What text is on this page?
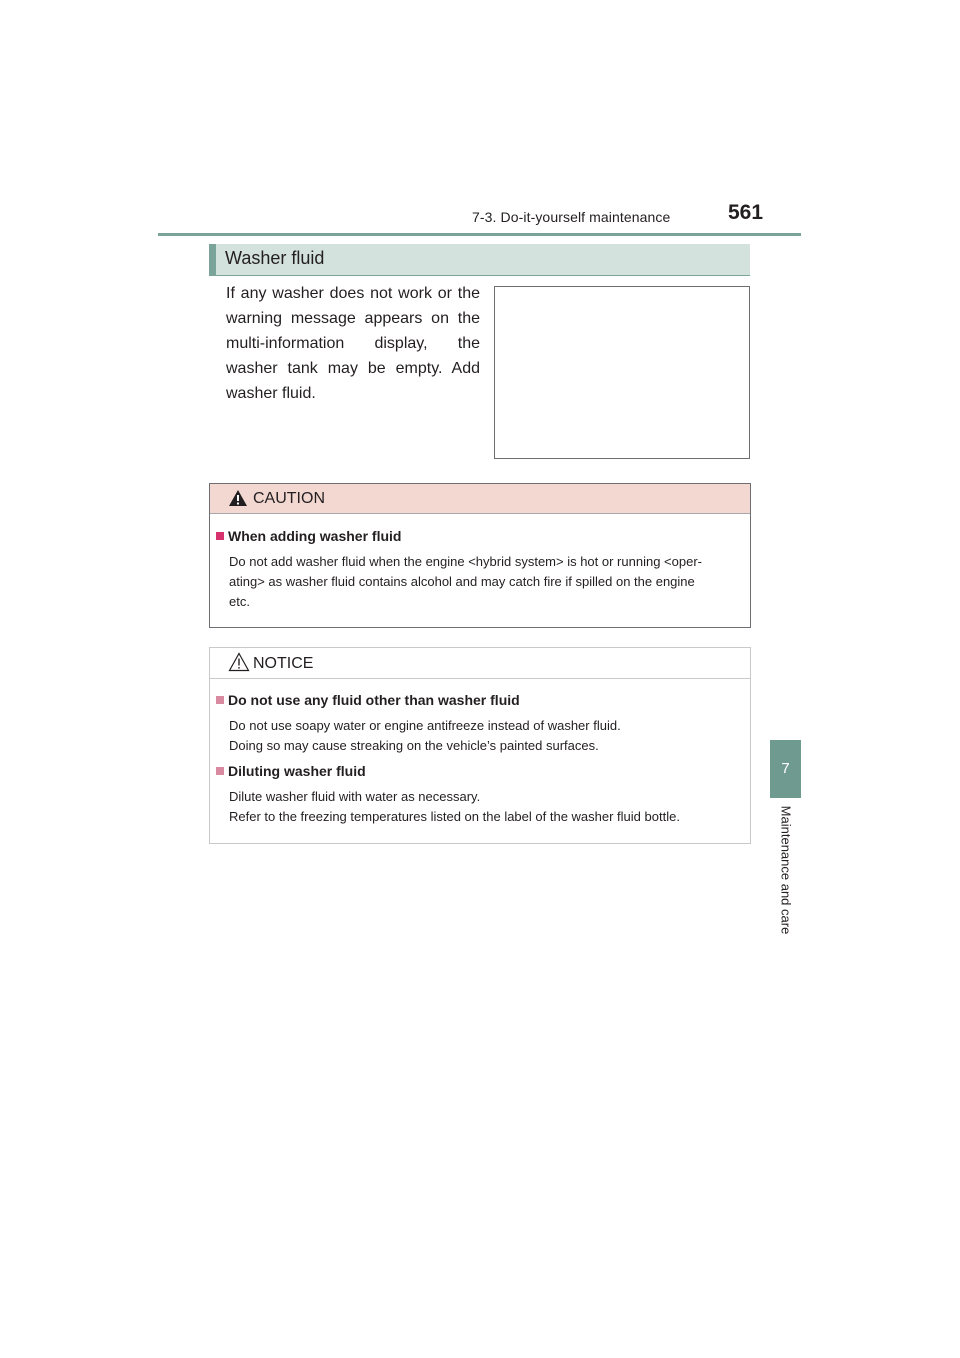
7-3. Do-it-yourself maintenance	561
7
Maintenance and care
Washer fluid
If any washer does not work or the warning message appears on the multi-information display, the washer tank may be empty. Add washer fluid.
CAUTION
When adding washer fluid
Do not add washer fluid when the engine <hybrid system> is hot or running <oper-
ating> as washer fluid contains alcohol and may catch fire if spilled on the engine
etc.
NOTICE
Do not use any fluid other than washer fluid
Do not use soapy water or engine antifreeze instead of washer fluid.
Doing so may cause streaking on the vehicle’s painted surfaces.
Diluting washer fluid
Dilute washer fluid with water as necessary.
Refer to the freezing temperatures listed on the label of the washer fluid bottle.
